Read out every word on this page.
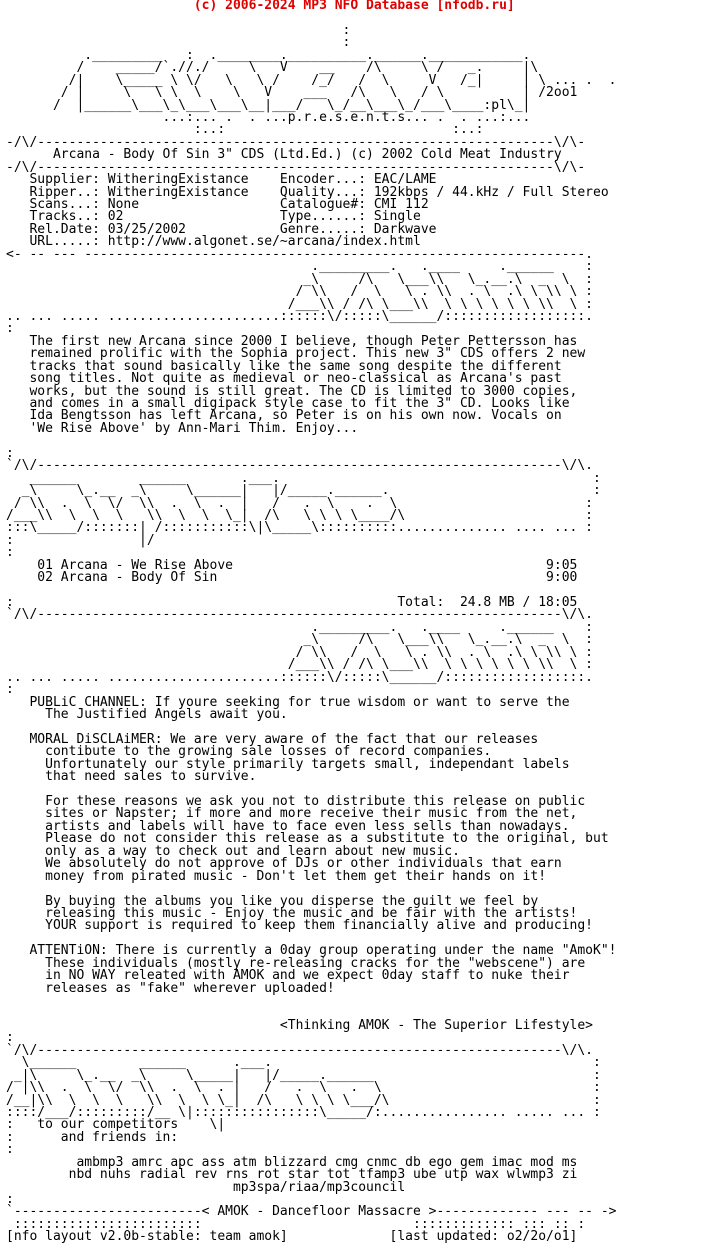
(c) 2006-2024 MP3 NFO Database [nfodb.ru]

:
:
._________   :  .________.__________.______.____________.
/    _____/`.//./     \   V    __    /\     \ /   _.     |\
/|    \_____ \ \/   \   \ /    /_/   /  \     V   /_|     | \ ... .  .
/ |     \   \ \  \    \   V    ___   /\   \   / \          | /2oo1
/  |______\___\_\___\___\__|___/   \_/__\___\_/___\____:pl\_|
...:... .  . ...p.r.e.s.e.n.t.s... .  . ...:...
:..:                             :..:
-/\/------------------------------------------------------------------\/\-
Arcana - Body Of Sin 3" CDS (Ltd.Ed.) (c) 2002 Cold Meat Industry
-/\/------------------------------------------------------------------\/\-
Supplier: WitheringExistance    Encoder...: EAC/LAME
Ripper..: WitheringExistance    Quality...: 192kbps / 44.kHz / Full Stereo
Scans...: None                  Catalogue#: CMI 112
Tracks..: 02                    Type......: Single
Rel.Date: 03/25/2002            Genre.....: Darkwave
URL.....: http://www.algonet.se/~arcana/index.html
<- -- --- ----------------------------------------------------------------.
._________.   .____     .______    :
_\     /\   \___\\   \_.__.\  _  \  :
/ \\   /  \   \ . \\  . \  .\ \ \\ \ :
/___\\ / /\ \___\\  \ \ \ \ \ \ \\  \ :
.. ... ..... ......................::::::\/:::::\______/::::::::::::::::::.
:
The first new Arcana since 2000 I believe, though Peter Pettersson has
remained prolific with the Sophia project. This new 3" CDS offers 2 new
tracks that sound basically like the same song despite the different
song titles. Not quite as medieval or neo-classical as Arcana's past
works, but the sound is still great. The CD is limited to 3000 copies,
and comes in a small digipack style case to fit the 3" CD. Looks like
Ida Bengtsson has left Arcana, so Peter is on his own now. Vocals on
'We Rise Above' by Ann-Mari Thim. Enjoy...

:
`/\/-------------------------------------------------------------------\/\.
______        ______       .___.                                        :
_\     \_.__  _\     \______|   |/_____.______.                          :
/ \\  .  \  \/  \\  .  \  .  |   /   .  \    .  \                        :
/___\\  \  \  \   \\  \  \  \_|  /\   \ \ \ \____/\                       :
:::\_____/:::::::| /:::::::::::\|\_____\::::::::::.............. .... ... :
:                |/
:
01 Arcana - We Rise Above                                        9:05
02 Arcana - Body Of Sin                                          9:00

:                                                 Total:  24.8 MB / 18:05
`/\/-------------------------------------------------------------------\/\.
._________.   .____     .______    :
_\     /\   \___\\   \_.__.\  _  \  :
/ \\   /  \   \ . \\  . \  .\ \ \\ \ :
/___\\ / /\ \___\\  \ \ \ \ \ \ \\  \ :
.. ... ..... ......................::::::\/:::::\______/::::::::::::::::::.
:
PUBLiC CHANNEL: If youre seeking for true wisdom or want to serve the
The Justified Angels await you.

MORAL DiSCLAiMER: We are very aware of the fact that our releases
contibute to the growing sale losses of record companies.
Unfortunately our style primarily targets small, independant labels
that need sales to survive.

For these reasons we ask you not to distribute this release on public
sites or Napster; if more and more receive their music from the net,
artists and labels will have to face even less sells than nowadays.
Please do not consider this release as a substitute to the original, but
only as a way to check out and learn about new music.
We absolutely do not approve of DJs or other individuals that earn
money from pirated music - Don't let them get their hands on it!

By buying the albums you like you disperse the guilt we feel by
releasing this music - Enjoy the music and be fair with the artists!
YOUR support is required to keep them financially alive and producing!

ATTENTiON: There is currently a 0day group operating under the name "AmoK"!
These individuals (mostly re-releasing cracks for the "webscene") are
in NO WAY releated with AMOK and we expect 0day staff to nuke their
releases as "fake" wherever uploaded!

<Thinking AMOK - The Superior Lifestyle>
:
`/\/-------------------------------------------------------------------\/\.
\______        ______      .___.                                         :
_|\     \_.__  _\     \_____|   |/_____.______                            :
/ |\\  .  \  \/  \\  .  \  . |   /   .  \   .  \                           :
/__|\\  \  \  \   \\  \  \ \_|  /\   \ \ \ \___/\                          :
::::/___/:::::::::/__ \|::::::::::::::::\_____/:................ ..... ... :
:   to our competitors    \|
:      and friends in:
:
ambmp3 amrc apc ass atm blizzard cmg cnmc db ego gem imac mod ms
nbd nuhs radial rev rns rot star tot tfamp3 ube utp wax wlwmp3 zi
mp3spa/riaa/mp3council
:
`------------------------< AMOK - Dancefloor Massacre >------------- --- -- ->
::::::::::::::::::::::::                           ::::::::::::: ::: :: :
[nfo layout v2.0b-stable: team amok]             [last updated: o2/2o/o1]
